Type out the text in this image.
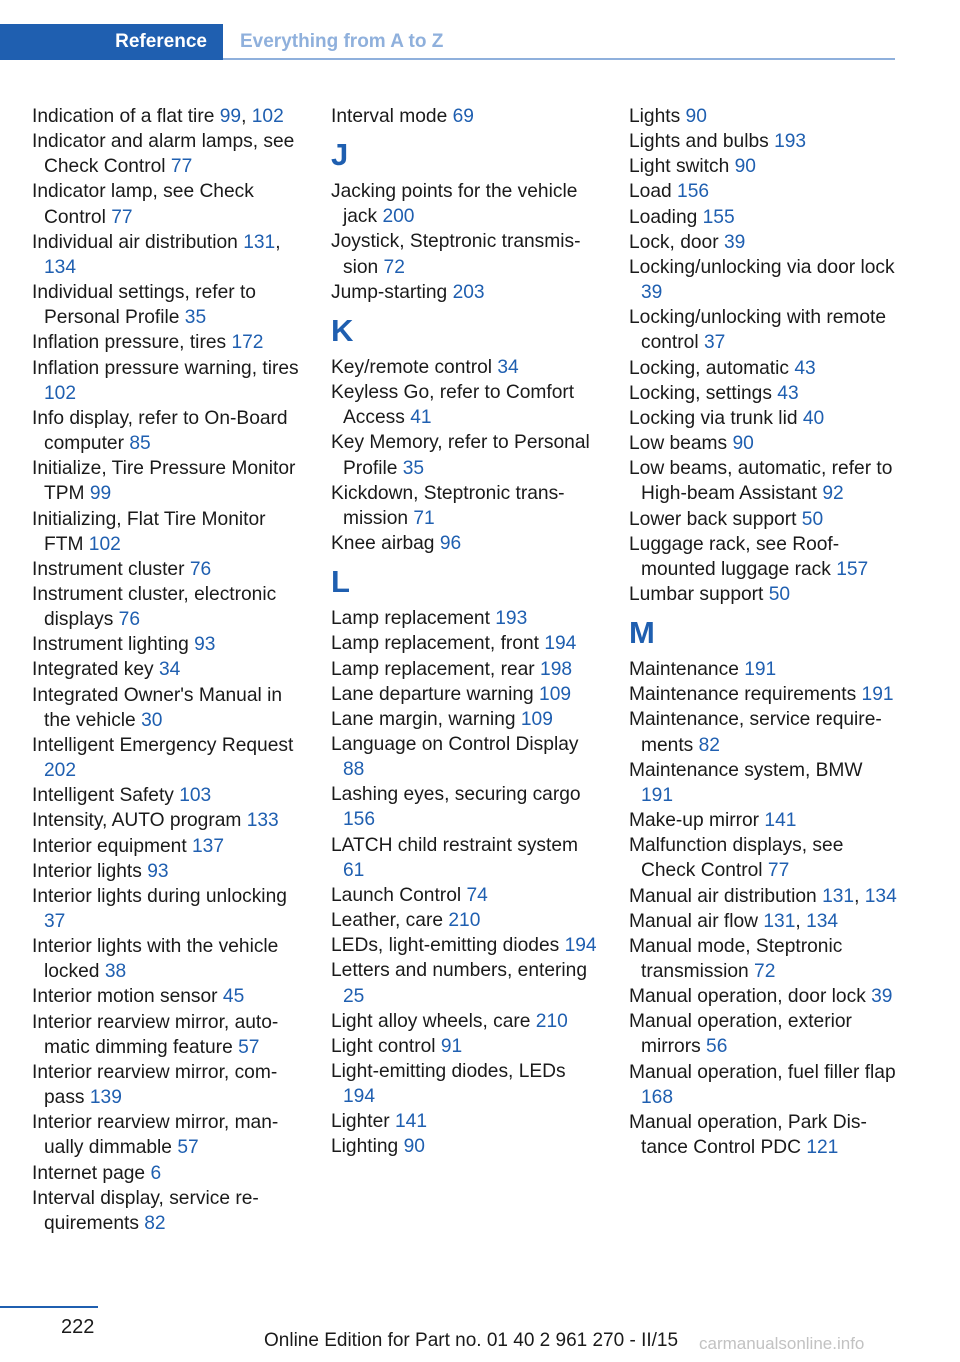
Reference	Everything from A to Z
Indication of a flat tire 99, 102
Indicator and alarm lamps, see Check Control 77
Indicator lamp, see Check Control 77
Individual air distribution 131, 134
Individual settings, refer to Personal Profile 35
Inflation pressure, tires 172
Inflation pressure warning, tires 102
Info display, refer to On-Board computer 85
Initialize, Tire Pressure Monitor TPM 99
Initializing, Flat Tire Monitor FTM 102
Instrument cluster 76
Instrument cluster, electronic displays 76
Instrument lighting 93
Integrated key 34
Integrated Owner's Manual in the vehicle 30
Intelligent Emergency Request 202
Intelligent Safety 103
Intensity, AUTO program 133
Interior equipment 137
Interior lights 93
Interior lights during unlocking 37
Interior lights with the vehicle locked 38
Interior motion sensor 45
Interior rearview mirror, automatic dimming feature 57
Interior rearview mirror, compass 139
Interior rearview mirror, manually dimmable 57
Internet page 6
Interval display, service requirements 82
Interval mode 69
J
Jacking points for the vehicle jack 200
Joystick, Steptronic transmission 72
Jump-starting 203
K
Key/remote control 34
Keyless Go, refer to Comfort Access 41
Key Memory, refer to Personal Profile 35
Kickdown, Steptronic transmission 71
Knee airbag 96
L
Lamp replacement 193
Lamp replacement, front 194
Lamp replacement, rear 198
Lane departure warning 109
Lane margin, warning 109
Language on Control Display 88
Lashing eyes, securing cargo 156
LATCH child restraint system 61
Launch Control 74
Leather, care 210
LEDs, light-emitting diodes 194
Letters and numbers, entering 25
Light alloy wheels, care 210
Light control 91
Light-emitting diodes, LEDs 194
Lighter 141
Lighting 90
Lights 90
Lights and bulbs 193
Light switch 90
Load 156
Loading 155
Lock, door 39
Locking/unlocking via door lock 39
Locking/unlocking with remote control 37
Locking, automatic 43
Locking, settings 43
Locking via trunk lid 40
Low beams 90
Low beams, automatic, refer to High-beam Assistant 92
Lower back support 50
Luggage rack, see Roof-mounted luggage rack 157
Lumbar support 50
M
Maintenance 191
Maintenance requirements 191
Maintenance, service requirements 82
Maintenance system, BMW 191
Make-up mirror 141
Malfunction displays, see Check Control 77
Manual air distribution 131, 134
Manual air flow 131, 134
Manual mode, Steptronic transmission 72
Manual operation, door lock 39
Manual operation, exterior mirrors 56
Manual operation, fuel filler flap 168
Manual operation, Park Distance Control PDC 121
222
Online Edition for Part no. 01 40 2 961 270 - II/15 carmanualsonline.info
